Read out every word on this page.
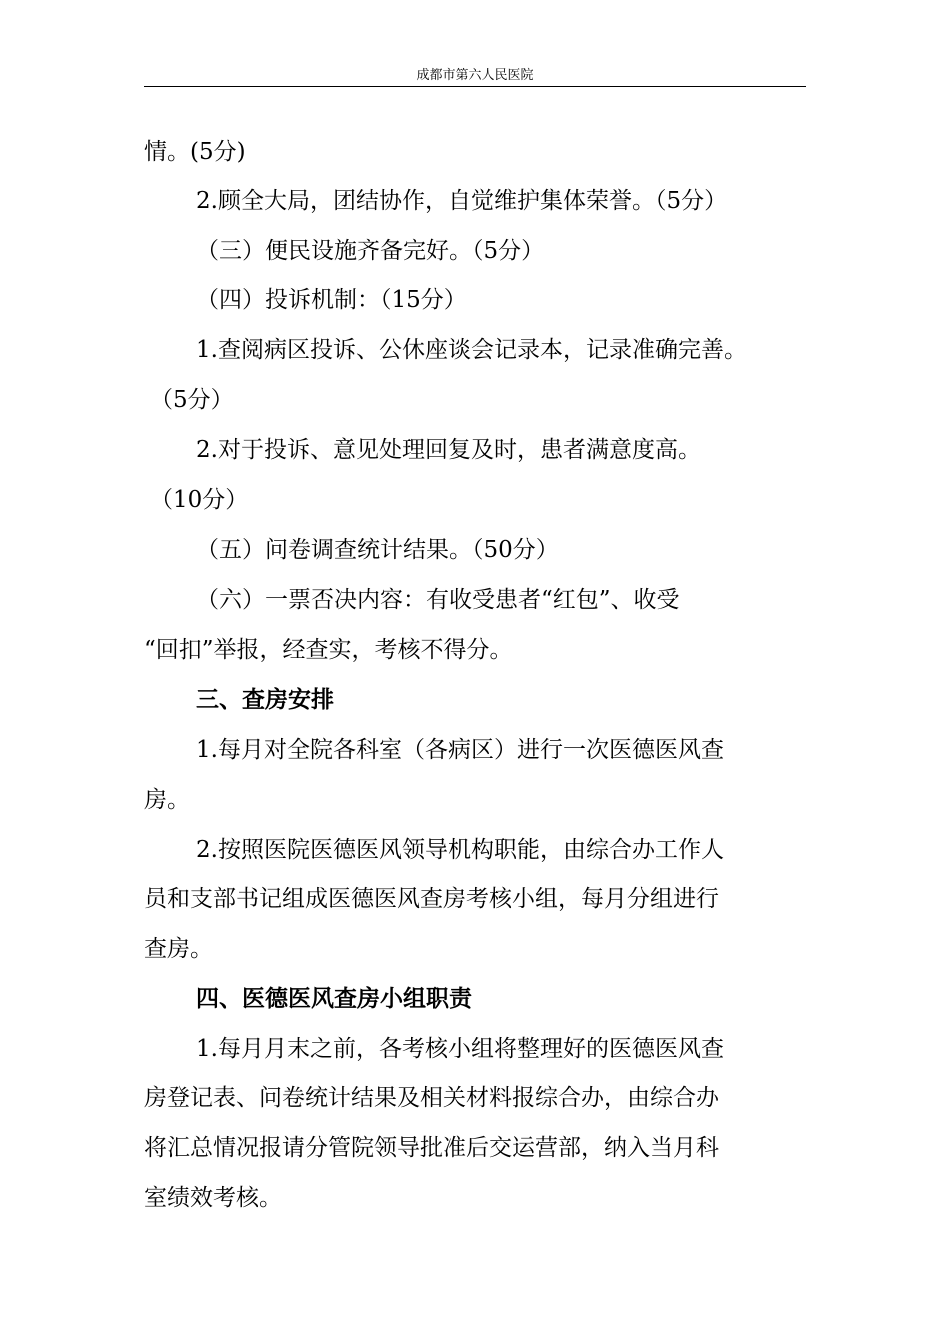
成都市第六人民医院
情。(5分)
2.顾全大局，团结协作，自觉维护集体荣誉。（5分）
（三）便民设施齐备完好。（5分）
（四）投诉机制：（15分）
1.查阅病区投诉、公休座谈会记录本，记录准确完善。
（5分）
2.对于投诉、意见处理回复及时，患者满意度高。
（10分）
（五）问卷调查统计结果。（50分）
（六）一票否决内容：有收受患者“红包”、收受
“回扣”举报，经查实，考核不得分。
三、查房安排
1.每月对全院各科室（各病区）进行一次医德医风查
房。
2.按照医院医德医风领导机构职能，由综合办工作人
员和支部书记组成医德医风查房考核小组，每月分组进行
查房。
四、医德医风查房小组职责
1.每月月末之前，各考核小组将整理好的医德医风查
房登记表、问卷统计结果及相关材料报综合办，由综合办
将汇总情况报请分管院领导批准后交运营部，纳入当月科
室绩效考核。
